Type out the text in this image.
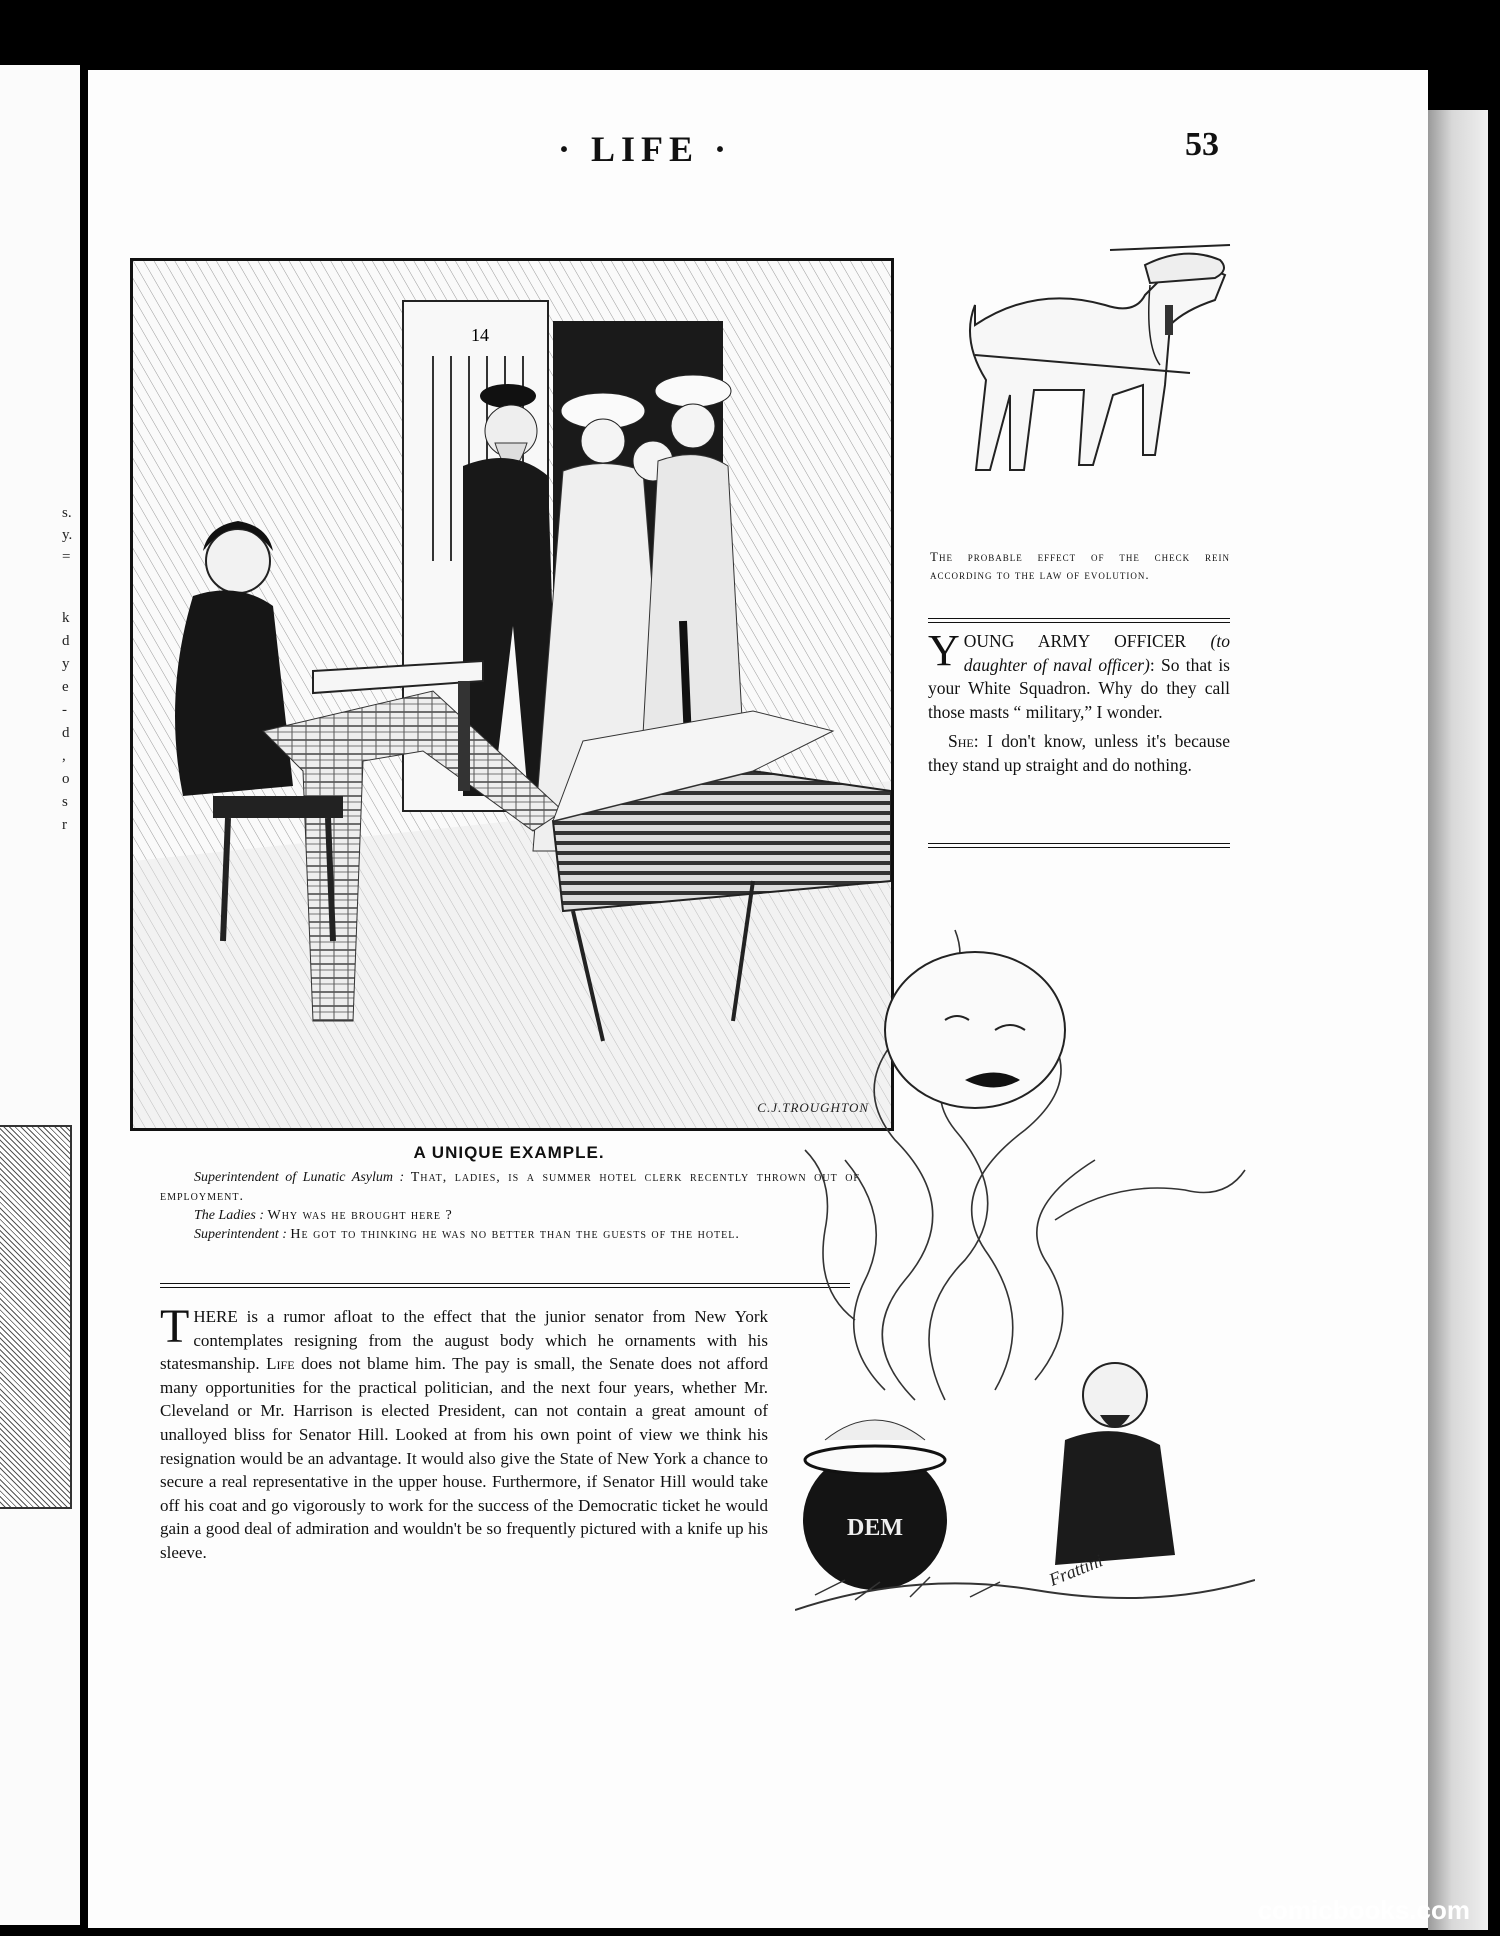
s.
y.
=
k
d
y
e
-
d
,
o
s
r
· LIFE ·	53
14
C.J.TROUGHTON
A UNIQUE EXAMPLE.
Superintendent of Lunatic Asylum : That, ladies, is a summer hotel clerk recently thrown out of employment.
The Ladies : Why was he brought here ?
Superintendent : He got to thinking he was no better than the guests of the hotel.
THERE is a rumor afloat to the effect that the junior senator from New York contemplates resigning from the august body which he ornaments with his statesmanship. Life does not blame him. The pay is small, the Senate does not afford many opportunities for the practical politician, and the next four years, whether Mr. Cleveland or Mr. Harrison is elected President, can not contain a great amount of unalloyed bliss for Senator Hill. Looked at from his own point of view we think his resignation would be an advantage. It would also give the State of New York a chance to secure a real representative in the upper house. Furthermore, if Senator Hill would take off his coat and go vigorously to work for the success of the Democratic ticket he would gain a good deal of admiration and wouldn't be so frequently pictured with a knife up his sleeve.
The probable effect of the check rein according to the law of evolution.

YOUNG ARMY OFFICER (to daughter of naval officer): So that is your White Squadron. Why do they call those masts “ military,” I wonder.

She: I don't know, unless it's because they stand up straight and do nothing.

DEM
Frattini
comicbooks.com
